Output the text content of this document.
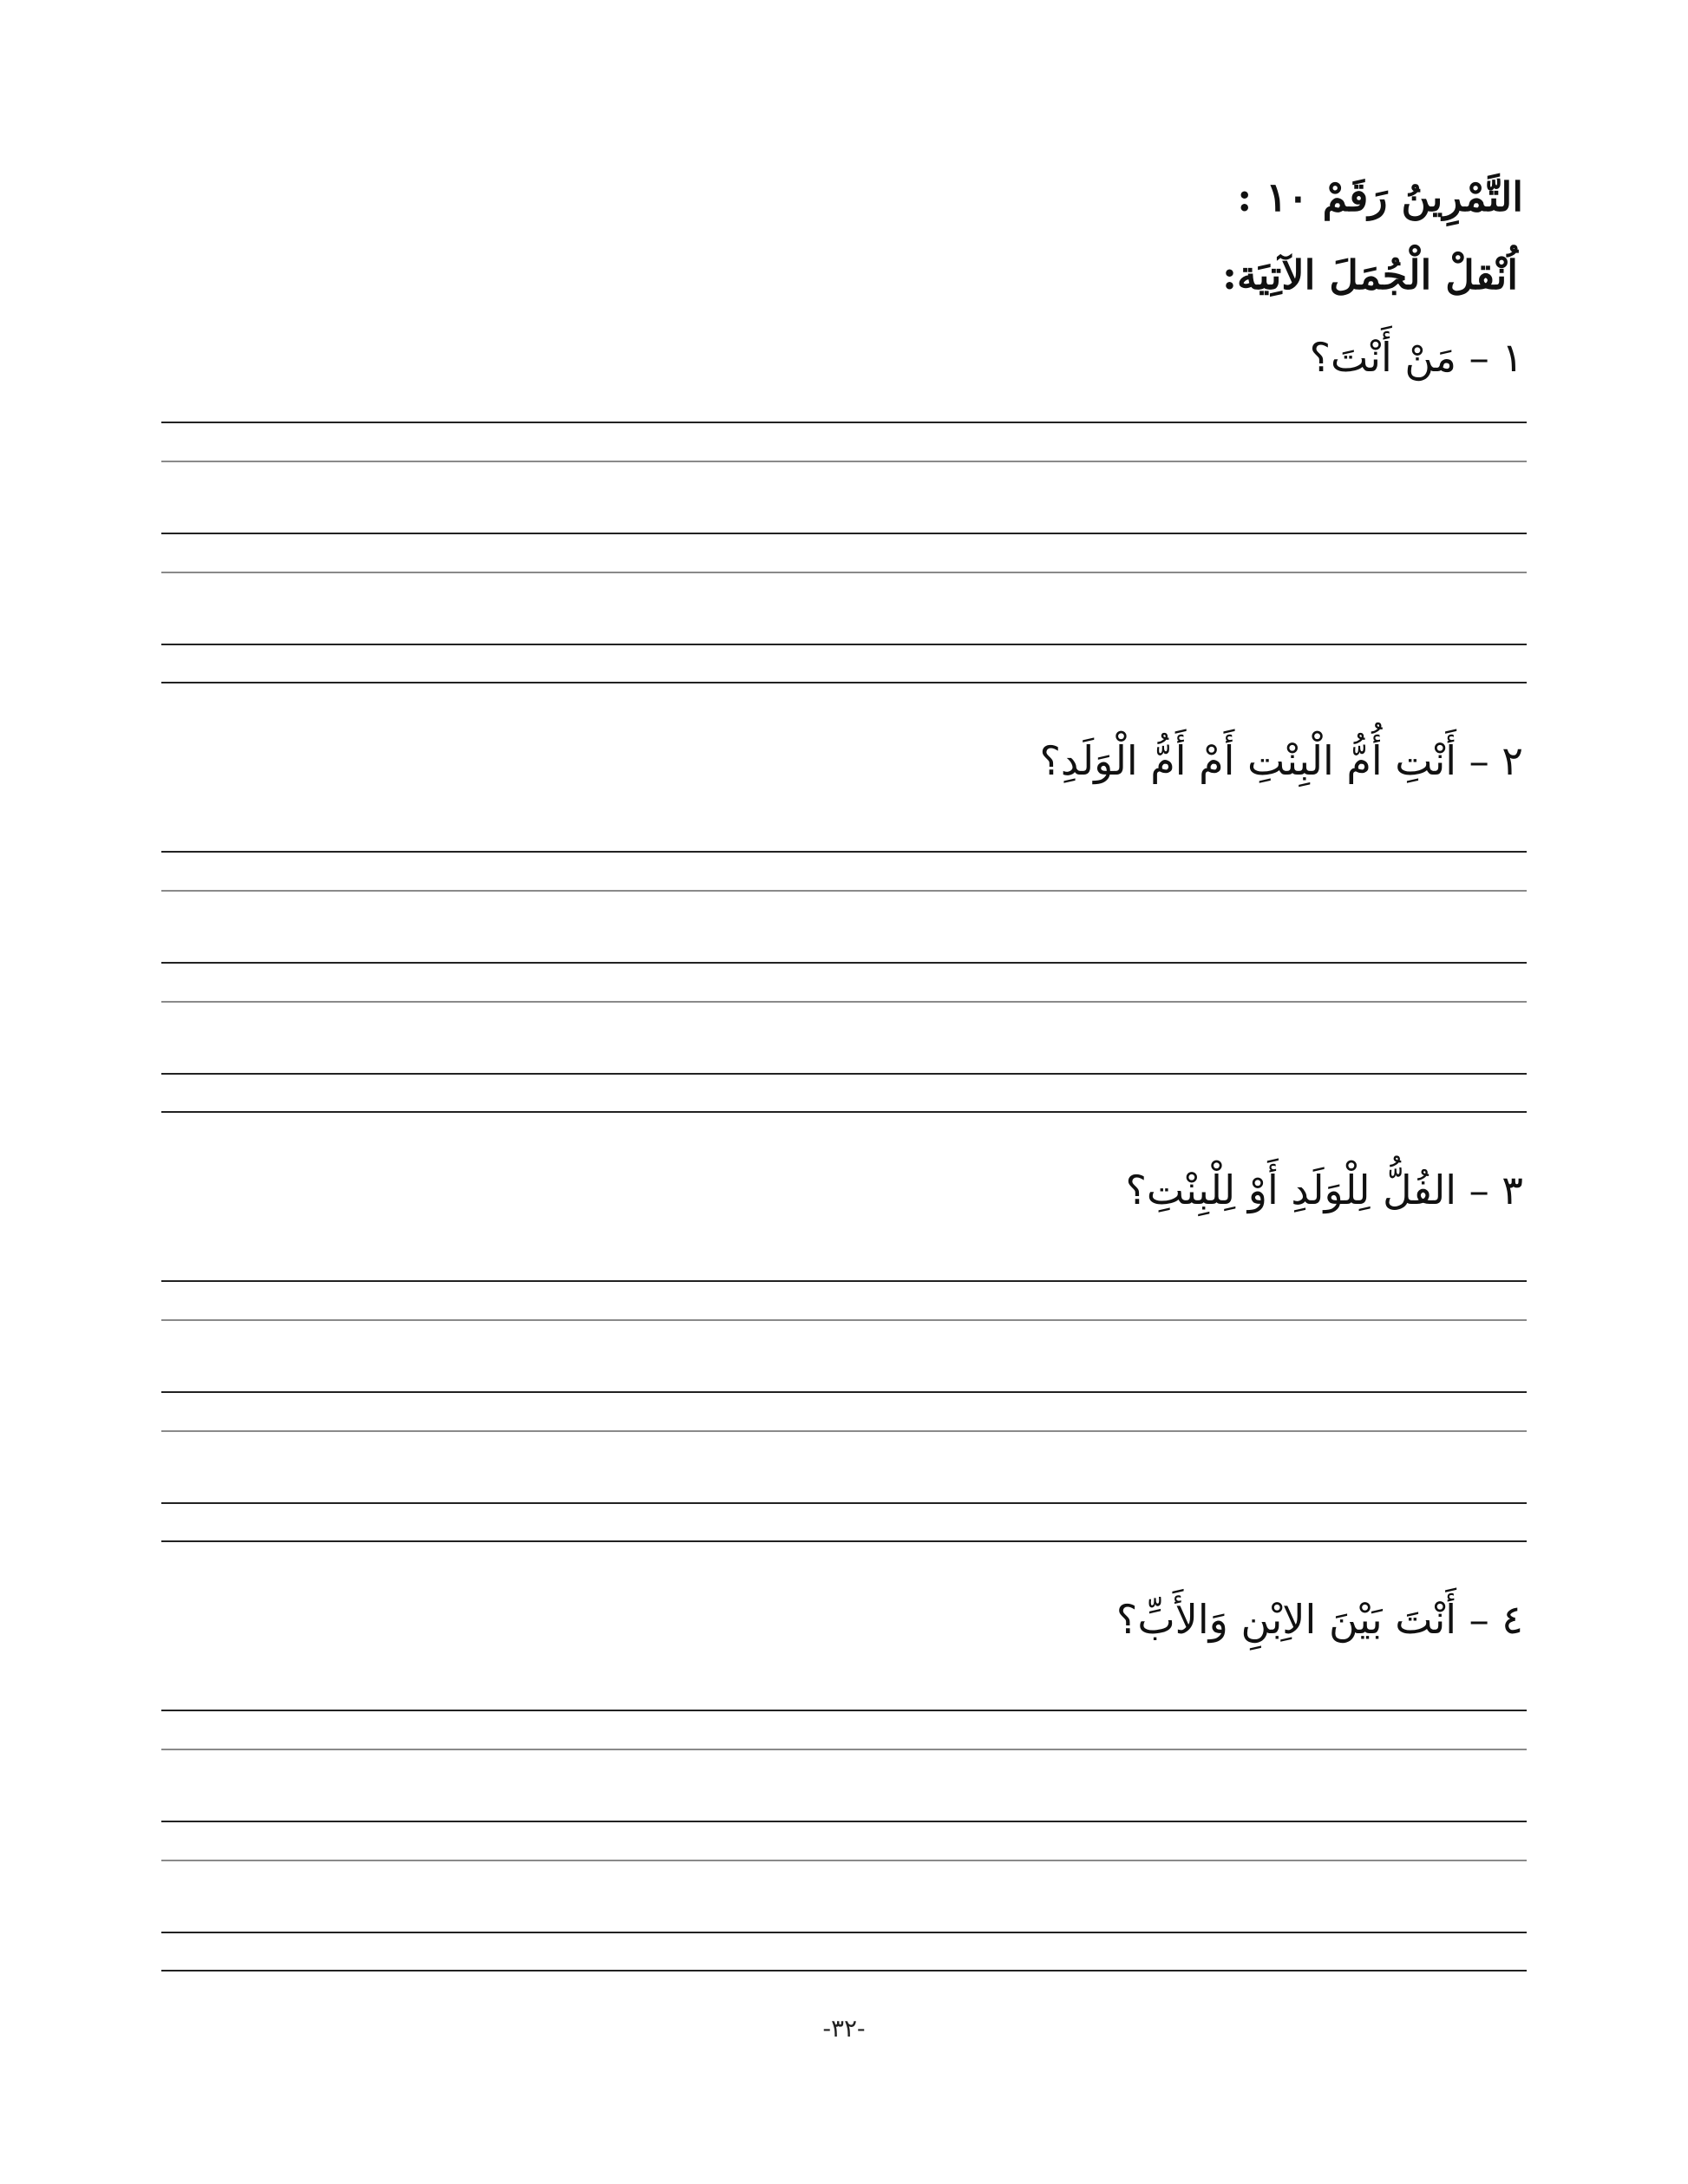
التَّمْرِينُ رَقَمْ ١٠ :
اُنْقلْ الْجُمَلَ الآتِيَة:
١ – مَنْ أَنْتَ؟
٢ – أَنْتِ أُمُّ الْبِنْتِ أَمْ أَمُّ الْوَلَدِ؟
٣ – الفُلُّ لِلْوَلَدِ أَوْ لِلْبِنْتِ؟
٤ – أَنْتَ بَيْنَ الاِبْنِ وَالأَبِّ؟
-٣٢-
